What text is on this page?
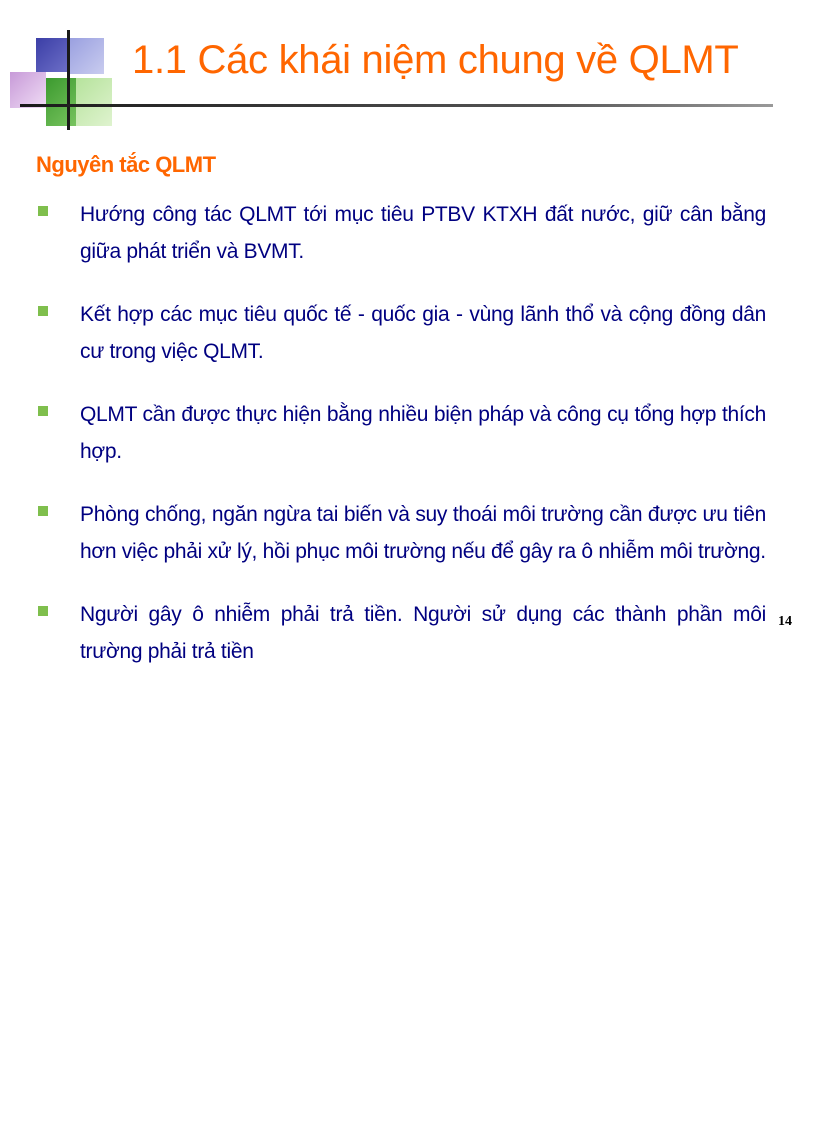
1.1 Các khái niệm chung về QLMT
Nguyên tắc QLMT
Hướng công tác QLMT tới mục tiêu PTBV KTXH đất nước, giữ cân bằng giữa phát triển và BVMT.
Kết hợp các mục tiêu quốc tế - quốc gia - vùng lãnh thổ và cộng đồng dân cư trong việc QLMT.
QLMT cần được thực hiện bằng nhiều biện pháp và công cụ tổng hợp thích hợp.
Phòng chống, ngăn ngừa tai biến và suy thoái môi trường cần được ưu tiên hơn việc phải xử lý, hồi phục môi trường nếu để gây ra ô nhiễm môi trường.
Người gây ô nhiễm phải trả tiền. Người sử dụng các thành phần môi trường phải trả tiền
14
